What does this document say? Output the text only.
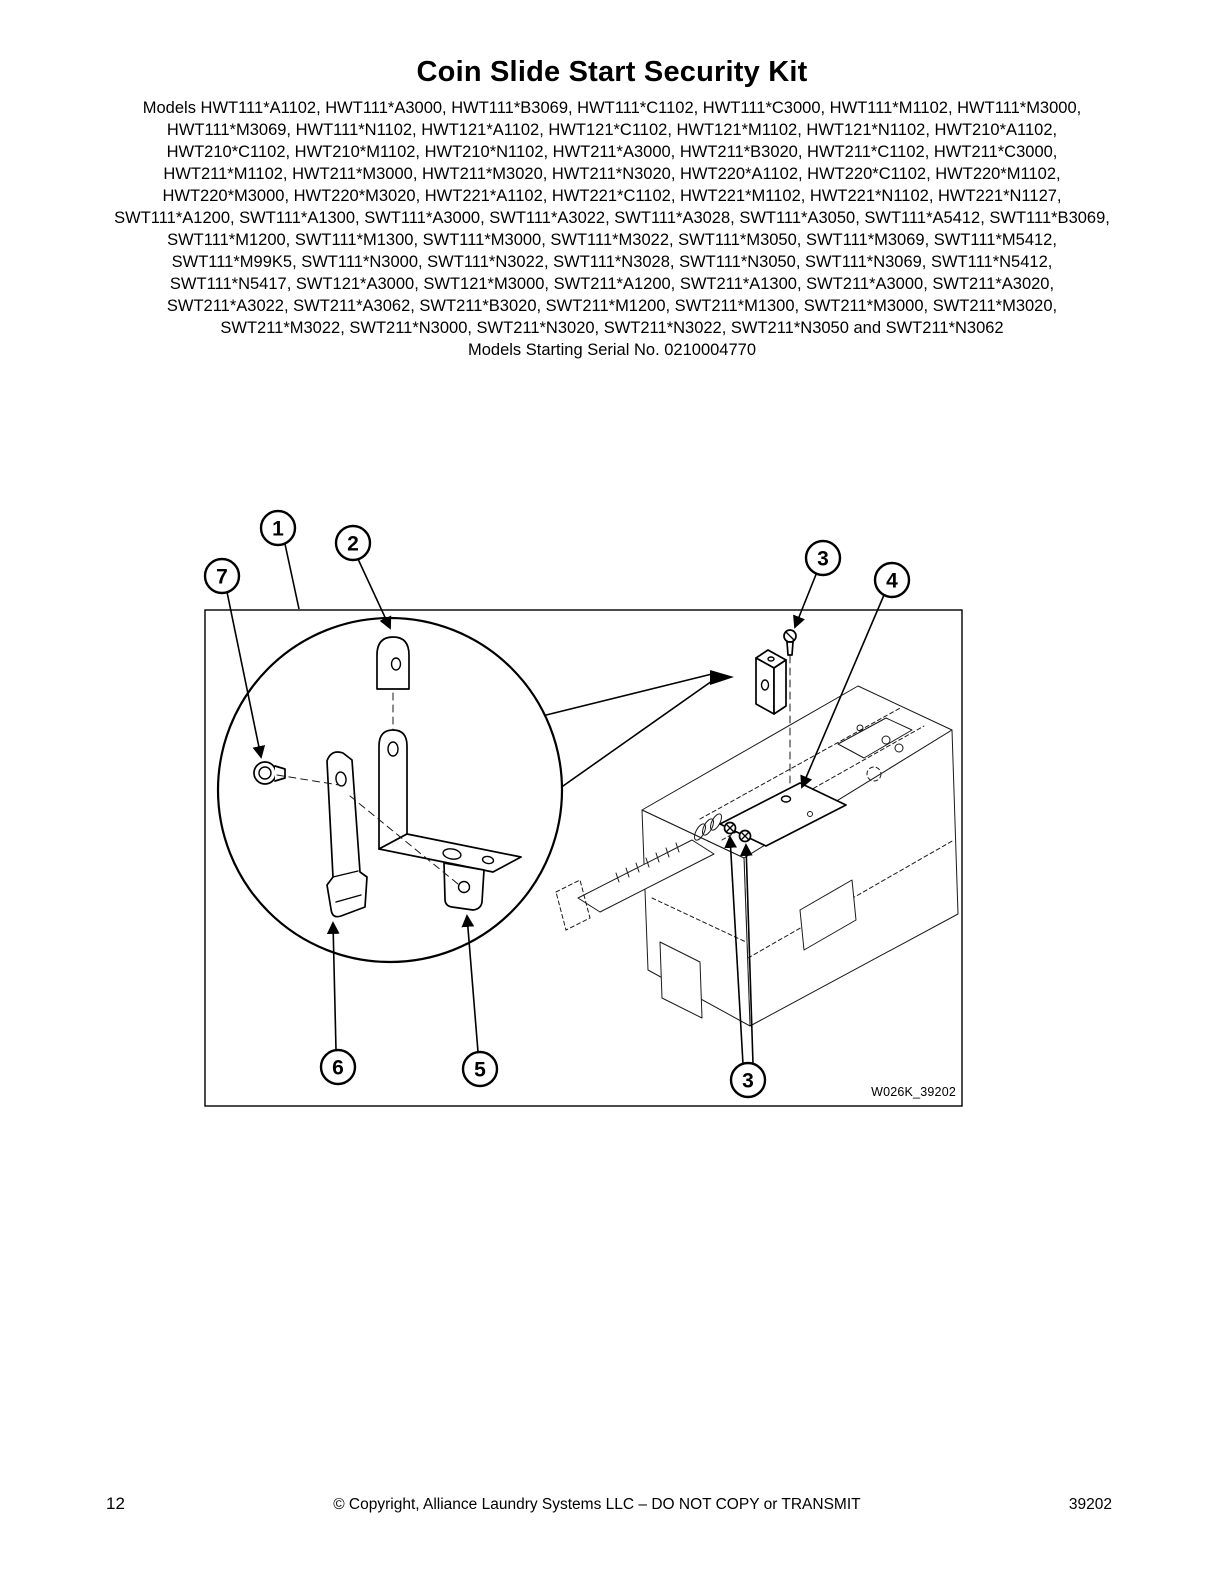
Coin Slide Start Security Kit
Models HWT111*A1102, HWT111*A3000, HWT111*B3069, HWT111*C1102, HWT111*C3000, HWT111*M1102, HWT111*M3000, HWT111*M3069, HWT111*N1102, HWT121*A1102, HWT121*C1102, HWT121*M1102, HWT121*N1102, HWT210*A1102, HWT210*C1102, HWT210*M1102, HWT210*N1102, HWT211*A3000, HWT211*B3020, HWT211*C1102, HWT211*C3000, HWT211*M1102, HWT211*M3000, HWT211*M3020, HWT211*N3020, HWT220*A1102, HWT220*C1102, HWT220*M1102, HWT220*M3000, HWT220*M3020, HWT221*A1102, HWT221*C1102, HWT221*M1102, HWT221*N1102, HWT221*N1127, SWT111*A1200, SWT111*A1300, SWT111*A3000, SWT111*A3022, SWT111*A3028, SWT111*A3050, SWT111*A5412, SWT111*B3069, SWT111*M1200, SWT111*M1300, SWT111*M3000, SWT111*M3022, SWT111*M3050, SWT111*M3069, SWT111*M5412, SWT111*M99K5, SWT111*N3000, SWT111*N3022, SWT111*N3028, SWT111*N3050, SWT111*N3069, SWT111*N5412, SWT111*N5417, SWT121*A3000, SWT121*M3000, SWT211*A1200, SWT211*A1300, SWT211*A3000, SWT211*A3020, SWT211*A3022, SWT211*A3062, SWT211*B3020, SWT211*M1200, SWT211*M1300, SWT211*M3000, SWT211*M3020, SWT211*M3022, SWT211*N3000, SWT211*N3020, SWT211*N3022, SWT211*N3050 and SWT211*N3062
Models Starting Serial No. 0210004770
1
2
7
3
4
6	5	3	W026K_39202
12	© Copyright, Alliance Laundry Systems LLC – DO NOT COPY or TRANSMIT	39202
